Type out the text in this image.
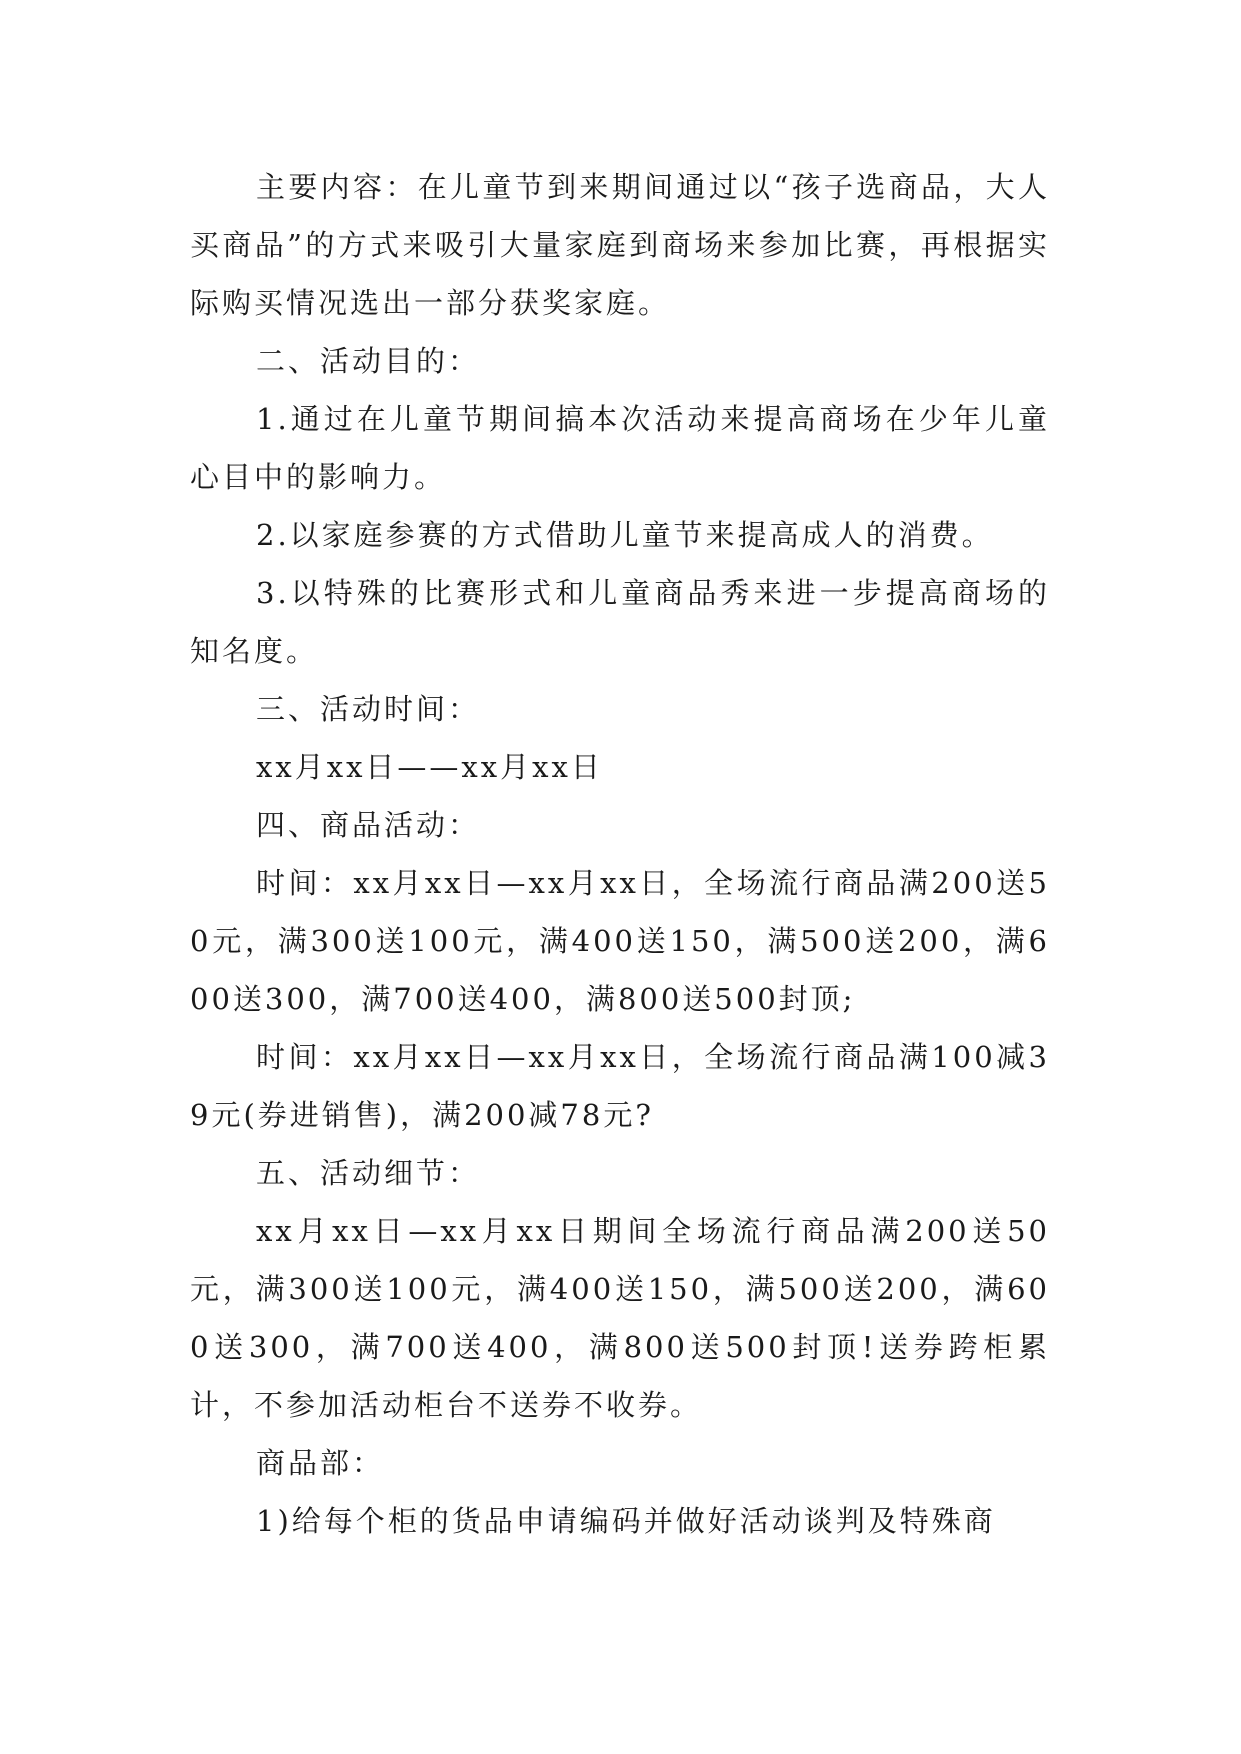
主要内容：在儿童节到来期间通过以“孩子选商品，大人买商品”的方式来吸引大量家庭到商场来参加比赛，再根据实际购买情况选出一部分获奖家庭。

二、活动目的：

1.通过在儿童节期间搞本次活动来提高商场在少年儿童心目中的影响力。

2.以家庭参赛的方式借助儿童节来提高成人的消费。

3.以特殊的比赛形式和儿童商品秀来进一步提高商场的知名度。

三、活动时间：

xx月xx日——xx月xx日

四、商品活动：

时间：xx月xx日—xx月xx日，全场流行商品满200送50元，满300送100元，满400送150，满500送200，满600送300，满700送400，满800送500封顶;

时间：xx月xx日—xx月xx日，全场流行商品满100减39元(券进销售)，满200减78元?

五、活动细节：

xx月xx日—xx月xx日期间全场流行商品满200送50元，满300送100元，满400送150，满500送200，满600送300，满700送400，满800送500封顶!送券跨柜累计，不参加活动柜台不送券不收券。

商品部：

1)给每个柜的货品申请编码并做好活动谈判及特殊商
